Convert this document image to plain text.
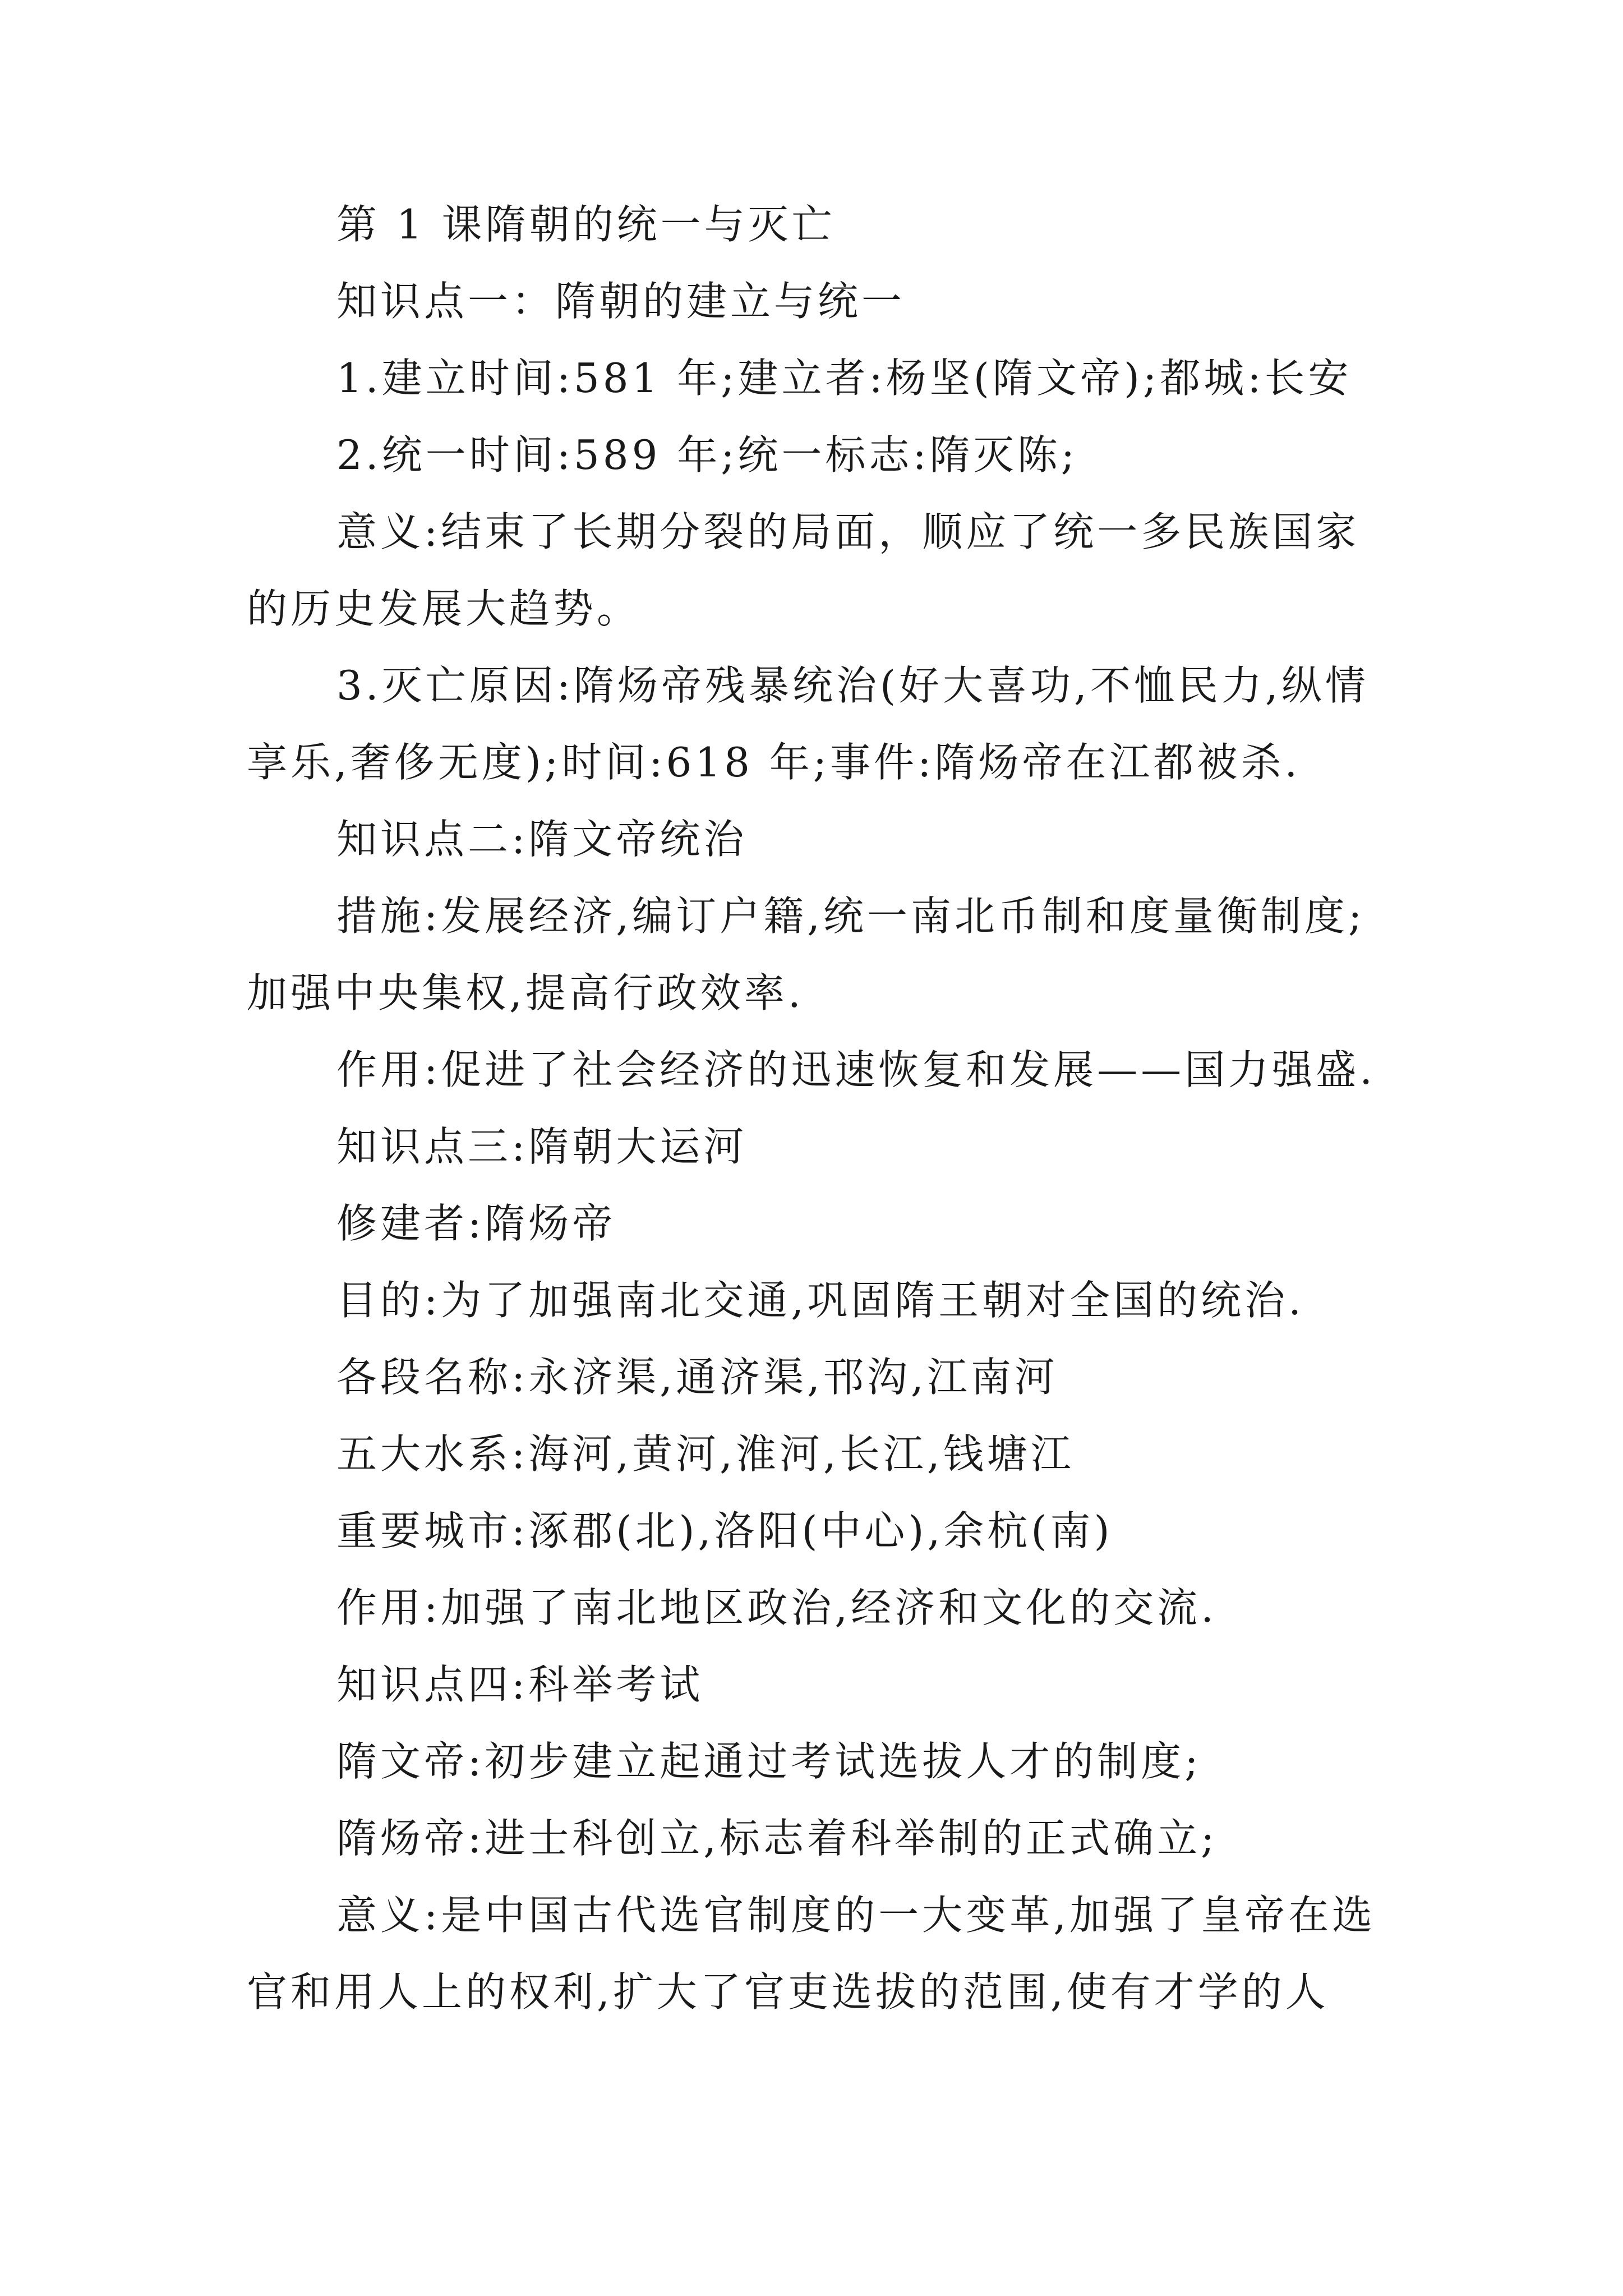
第 1 课隋朝的统一与灭亡
知识点一：隋朝的建立与统一
1.建立时间:581 年;建立者:杨坚(隋文帝);都城:长安
2.统一时间:589 年;统一标志:隋灭陈;
意义:结束了长期分裂的局面，顺应了统一多民族国家
的历史发展大趋势。
3.灭亡原因:隋炀帝残暴统治(好大喜功,不恤民力,纵情
享乐,奢侈无度);时间:618 年;事件:隋炀帝在江都被杀.
知识点二:隋文帝统治
措施:发展经济,编订户籍,统一南北币制和度量衡制度;
加强中央集权,提高行政效率.
作用:促进了社会经济的迅速恢复和发展——国力强盛.
知识点三:隋朝大运河
修建者:隋炀帝
目的:为了加强南北交通,巩固隋王朝对全国的统治.
各段名称:永济渠,通济渠,邗沟,江南河
五大水系:海河,黄河,淮河,长江,钱塘江
重要城市:涿郡(北),洛阳(中心),余杭(南)
作用:加强了南北地区政治,经济和文化的交流.
知识点四:科举考试
隋文帝:初步建立起通过考试选拔人才的制度;
隋炀帝:进士科创立,标志着科举制的正式确立;
意义:是中国古代选官制度的一大变革,加强了皇帝在选
官和用人上的权利,扩大了官吏选拔的范围,使有才学的人
